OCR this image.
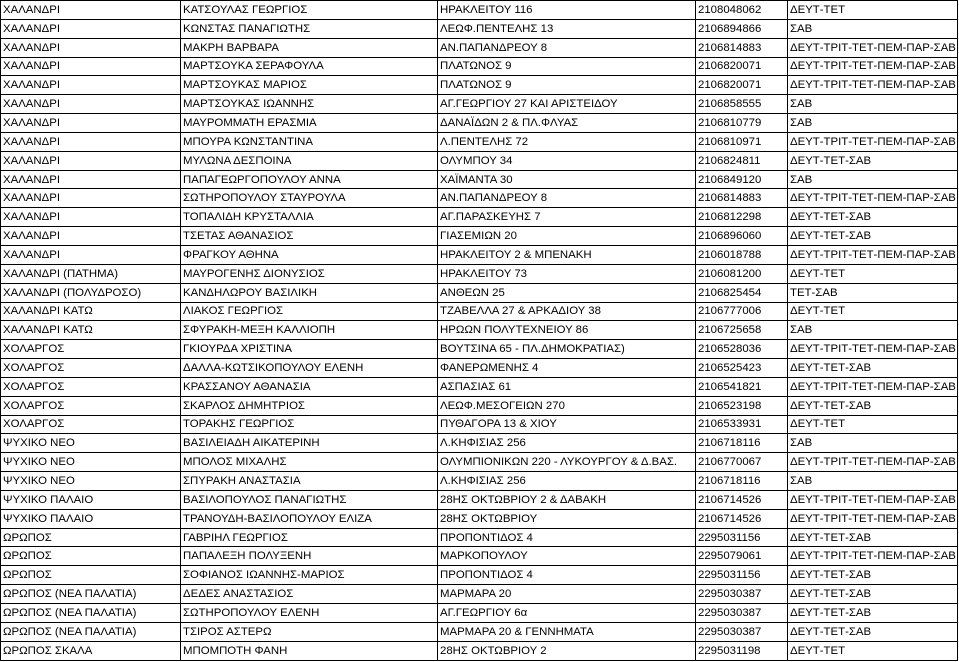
ΧΑΛΑΝΔΡΙ	ΚΑΤΣΟΥΛΑΣ ΓΕΩΡΓΙΟΣ	ΗΡΑΚΛΕΙΤΟΥ 116	2108048062	ΔΕΥΤ-ΤΕΤ
ΧΑΛΑΝΔΡΙ	ΚΩΝΣΤΑΣ ΠΑΝΑΓΙΩΤΗΣ	ΛΕΩΦ.ΠΕΝΤΕΛΗΣ 13	2106894866	ΣΑΒ
ΧΑΛΑΝΔΡΙ	ΜΑΚΡΗ ΒΑΡΒΑΡΑ	ΑΝ.ΠΑΠΑΝΔΡΕΟΥ 8	2106814883	ΔΕΥΤ-ΤΡΙΤ-ΤΕΤ-ΠΕΜ-ΠΑΡ-ΣΑΒ
ΧΑΛΑΝΔΡΙ	ΜΑΡΤΣΟΥΚΑ ΣΕΡΑΦΟΥΛΑ	ΠΛΑΤΩΝΟΣ 9	2106820071	ΔΕΥΤ-ΤΡΙΤ-ΤΕΤ-ΠΕΜ-ΠΑΡ-ΣΑΒ
ΧΑΛΑΝΔΡΙ	ΜΑΡΤΣΟΥΚΑΣ ΜΑΡΙΟΣ	ΠΛΑΤΩΝΟΣ 9	2106820071	ΔΕΥΤ-ΤΡΙΤ-ΤΕΤ-ΠΕΜ-ΠΑΡ-ΣΑΒ
ΧΑΛΑΝΔΡΙ	ΜΑΡΤΣΟΥΚΑΣ ΙΩΑΝΝΗΣ	ΑΓ.ΓΕΩΡΓΙΟΥ 27 ΚΑΙ ΑΡΙΣΤΕΙΔΟΥ	2106858555	ΣΑΒ
ΧΑΛΑΝΔΡΙ	ΜΑΥΡΟΜΜΑΤΗ ΕΡΑΣΜΙΑ	ΔΑΝΑΪΔΩΝ 2 & ΠΛ.ΦΛΥΑΣ	2106810779	ΣΑΒ
ΧΑΛΑΝΔΡΙ	ΜΠΟΥΡΑ ΚΩΝΣΤΑΝΤΙΝΑ	Λ.ΠΕΝΤΕΛΗΣ 72	2106810971	ΔΕΥΤ-ΤΡΙΤ-ΤΕΤ-ΠΕΜ-ΠΑΡ-ΣΑΒ
ΧΑΛΑΝΔΡΙ	ΜΥΛΩΝΑ ΔΕΣΠΟΙΝΑ	ΟΛΥΜΠΟΥ 34	2106824811	ΔΕΥΤ-ΤΕΤ-ΣΑΒ
ΧΑΛΑΝΔΡΙ	ΠΑΠΑΓΕΩΡΓΟΠΟΥΛΟΥ ΑΝΝΑ	ΧΑΪΜΑΝΤΑ 30	2106849120	ΣΑΒ
ΧΑΛΑΝΔΡΙ	ΣΩΤΗΡΟΠΟΥΛΟΥ ΣΤΑΥΡΟΥΛΑ	ΑΝ.ΠΑΠΑΝΔΡΕΟΥ 8	2106814883	ΔΕΥΤ-ΤΡΙΤ-ΤΕΤ-ΠΕΜ-ΠΑΡ-ΣΑΒ
ΧΑΛΑΝΔΡΙ	ΤΟΠΑΛΙΔΗ ΚΡΥΣΤΑΛΛΙΑ	ΑΓ.ΠΑΡΑΣΚΕΥΗΣ 7	2106812298	ΔΕΥΤ-ΤΕΤ-ΣΑΒ
ΧΑΛΑΝΔΡΙ	ΤΣΕΤΑΣ ΑΘΑΝΑΣΙΟΣ	ΓΙΑΣΕΜΙΩΝ 20	2106896060	ΔΕΥΤ-ΤΕΤ-ΣΑΒ
ΧΑΛΑΝΔΡΙ	ΦΡΑΓΚΟΥ ΑΘΗΝΑ	ΗΡΑΚΛΕΙΤΟΥ 2 & ΜΠΕΝΑΚΗ	2106018788	ΔΕΥΤ-ΤΡΙΤ-ΤΕΤ-ΠΕΜ-ΠΑΡ-ΣΑΒ
ΧΑΛΑΝΔΡΙ (ΠΑΤΗΜΑ)	ΜΑΥΡΟΓΕΝΗΣ ΔΙΟΝΥΣΙΟΣ	ΗΡΑΚΛΕΙΤΟΥ 73	2106081200	ΔΕΥΤ-ΤΕΤ
ΧΑΛΑΝΔΡΙ (ΠΟΛΥΔΡΟΣΟ)	ΚΑΝΔΗΛΩΡΟΥ ΒΑΣΙΛΙΚΗ	ΑΝΘΕΩΝ 25	2106825454	ΤΕΤ-ΣΑΒ
ΧΑΛΑΝΔΡΙ ΚΑΤΩ	ΛΙΑΚΟΣ ΓΕΩΡΓΙΟΣ	ΤΖΑΒΕΛΛΑ 27 & ΑΡΚΑΔΙΟΥ 38	2106777006	ΔΕΥΤ-ΤΕΤ
ΧΑΛΑΝΔΡΙ ΚΑΤΩ	ΣΦΥΡΑΚΗ-ΜΕΞΗ ΚΑΛΛΙΟΠΗ	ΗΡΩΩΝ ΠΟΛΥΤΕΧΝΕΙΟΥ 86	2106725658	ΣΑΒ
ΧΟΛΑΡΓΟΣ	ΓΚΙΟΥΡΔΑ ΧΡΙΣΤΙΝΑ	ΒΟΥΤΣΙΝΑ 65 - ΠΛ.ΔΗΜΟΚΡΑΤΙΑΣ)	2106528036	ΔΕΥΤ-ΤΡΙΤ-ΤΕΤ-ΠΕΜ-ΠΑΡ-ΣΑΒ
ΧΟΛΑΡΓΟΣ	ΔΑΛΛΑ-ΚΩΤΣΙΚΟΠΟΥΛΟΥ ΕΛΕΝΗ	ΦΑΝΕΡΩΜΕΝΗΣ 4	2106525423	ΔΕΥΤ-ΤΕΤ-ΣΑΒ
ΧΟΛΑΡΓΟΣ	ΚΡΑΣΣΑΝΟΥ ΑΘΑΝΑΣΙΑ	ΑΣΠΑΣΙΑΣ 61	2106541821	ΔΕΥΤ-ΤΡΙΤ-ΤΕΤ-ΠΕΜ-ΠΑΡ-ΣΑΒ
ΧΟΛΑΡΓΟΣ	ΣΚΑΡΛΟΣ ΔΗΜΗΤΡΙΟΣ	ΛΕΩΦ.ΜΕΣΟΓΕΙΩΝ 270	2106523198	ΔΕΥΤ-ΤΕΤ-ΣΑΒ
ΧΟΛΑΡΓΟΣ	ΤΟΡΑΚΗΣ ΓΕΩΡΓΙΟΣ	ΠΥΘΑΓΟΡΑ 13 & ΧΙΟΥ	2106533931	ΔΕΥΤ-ΤΕΤ
ΨΥΧΙΚΟ ΝΕΟ	ΒΑΣΙΛΕΙΑΔΗ ΑΙΚΑΤΕΡΙΝΗ	Λ.ΚΗΦΙΣΙΑΣ 256	2106718116	ΣΑΒ
ΨΥΧΙΚΟ ΝΕΟ	ΜΠΟΛΟΣ ΜΙΧΑΛΗΣ	ΟΛΥΜΠΙΟΝΙΚΩΝ 220 - ΛΥΚΟΥΡΓΟΥ & Δ.ΒΑΣ.	2106770067	ΔΕΥΤ-ΤΡΙΤ-ΤΕΤ-ΠΕΜ-ΠΑΡ-ΣΑΒ
ΨΥΧΙΚΟ ΝΕΟ	ΣΠΥΡΑΚΗ ΑΝΑΣΤΑΣΙΑ	Λ.ΚΗΦΙΣΙΑΣ 256	2106718116	ΣΑΒ
ΨΥΧΙΚΟ ΠΑΛΑΙΟ	ΒΑΣΙΛΟΠΟΥΛΟΣ ΠΑΝΑΓΙΩΤΗΣ	28ΗΣ ΟΚΤΩΒΡΙΟΥ 2 & ΔΑΒΑΚΗ	2106714526	ΔΕΥΤ-ΤΡΙΤ-ΤΕΤ-ΠΕΜ-ΠΑΡ-ΣΑΒ
ΨΥΧΙΚΟ ΠΑΛΑΙΟ	ΤΡΑΝΟΥΔΗ-ΒΑΣΙΛΟΠΟΥΛΟΥ ΕΛΙΖΑ	28ΗΣ ΟΚΤΩΒΡΙΟΥ	2106714526	ΔΕΥΤ-ΤΡΙΤ-ΤΕΤ-ΠΕΜ-ΠΑΡ-ΣΑΒ
ΩΡΩΠΟΣ	ΓΑΒΡΙΗΛ ΓΕΩΡΓΙΟΣ	ΠΡΟΠΟΝΤΙΔΟΣ 4	2295031156	ΔΕΥΤ-ΤΕΤ-ΣΑΒ
ΩΡΩΠΟΣ	ΠΑΠΑΛΕΞΗ ΠΟΛΥΞΕΝΗ	ΜΑΡΚΟΠΟΥΛΟΥ	2295079061	ΔΕΥΤ-ΤΡΙΤ-ΤΕΤ-ΠΕΜ-ΠΑΡ-ΣΑΒ
ΩΡΩΠΟΣ	ΣΟΦΙΑΝΟΣ ΙΩΑΝΝΗΣ-ΜΑΡΙΟΣ	ΠΡΟΠΟΝΤΙΔΟΣ 4	2295031156	ΔΕΥΤ-ΤΕΤ-ΣΑΒ
ΩΡΩΠΟΣ (ΝΕΑ ΠΑΛΑΤΙΑ)	ΔΕΔΕΣ ΑΝΑΣΤΑΣΙΟΣ	ΜΑΡΜΑΡΑ 20	2295030387	ΔΕΥΤ-ΤΕΤ-ΣΑΒ
ΩΡΩΠΟΣ (ΝΕΑ ΠΑΛΑΤΙΑ)	ΣΩΤΗΡΟΠΟΥΛΟΥ ΕΛΕΝΗ	ΑΓ.ΓΕΩΡΓΙΟΥ 6α	2295030387	ΔΕΥΤ-ΤΕΤ-ΣΑΒ
ΩΡΩΠΟΣ (ΝΕΑ ΠΑΛΑΤΙΑ)	ΤΣΙΡΟΣ ΑΣΤΕΡΩ	ΜΑΡΜΑΡΑ 20 & ΓΕΝΝΗΜΑΤΑ	2295030387	ΔΕΥΤ-ΤΕΤ-ΣΑΒ
ΩΡΩΠΟΣ ΣΚΑΛΑ	ΜΠΟΜΠΟΤΗ ΦΑΝΗ	28ΗΣ ΟΚΤΩΒΡΙΟΥ 2	2295031198	ΔΕΥΤ-ΤΕΤ
